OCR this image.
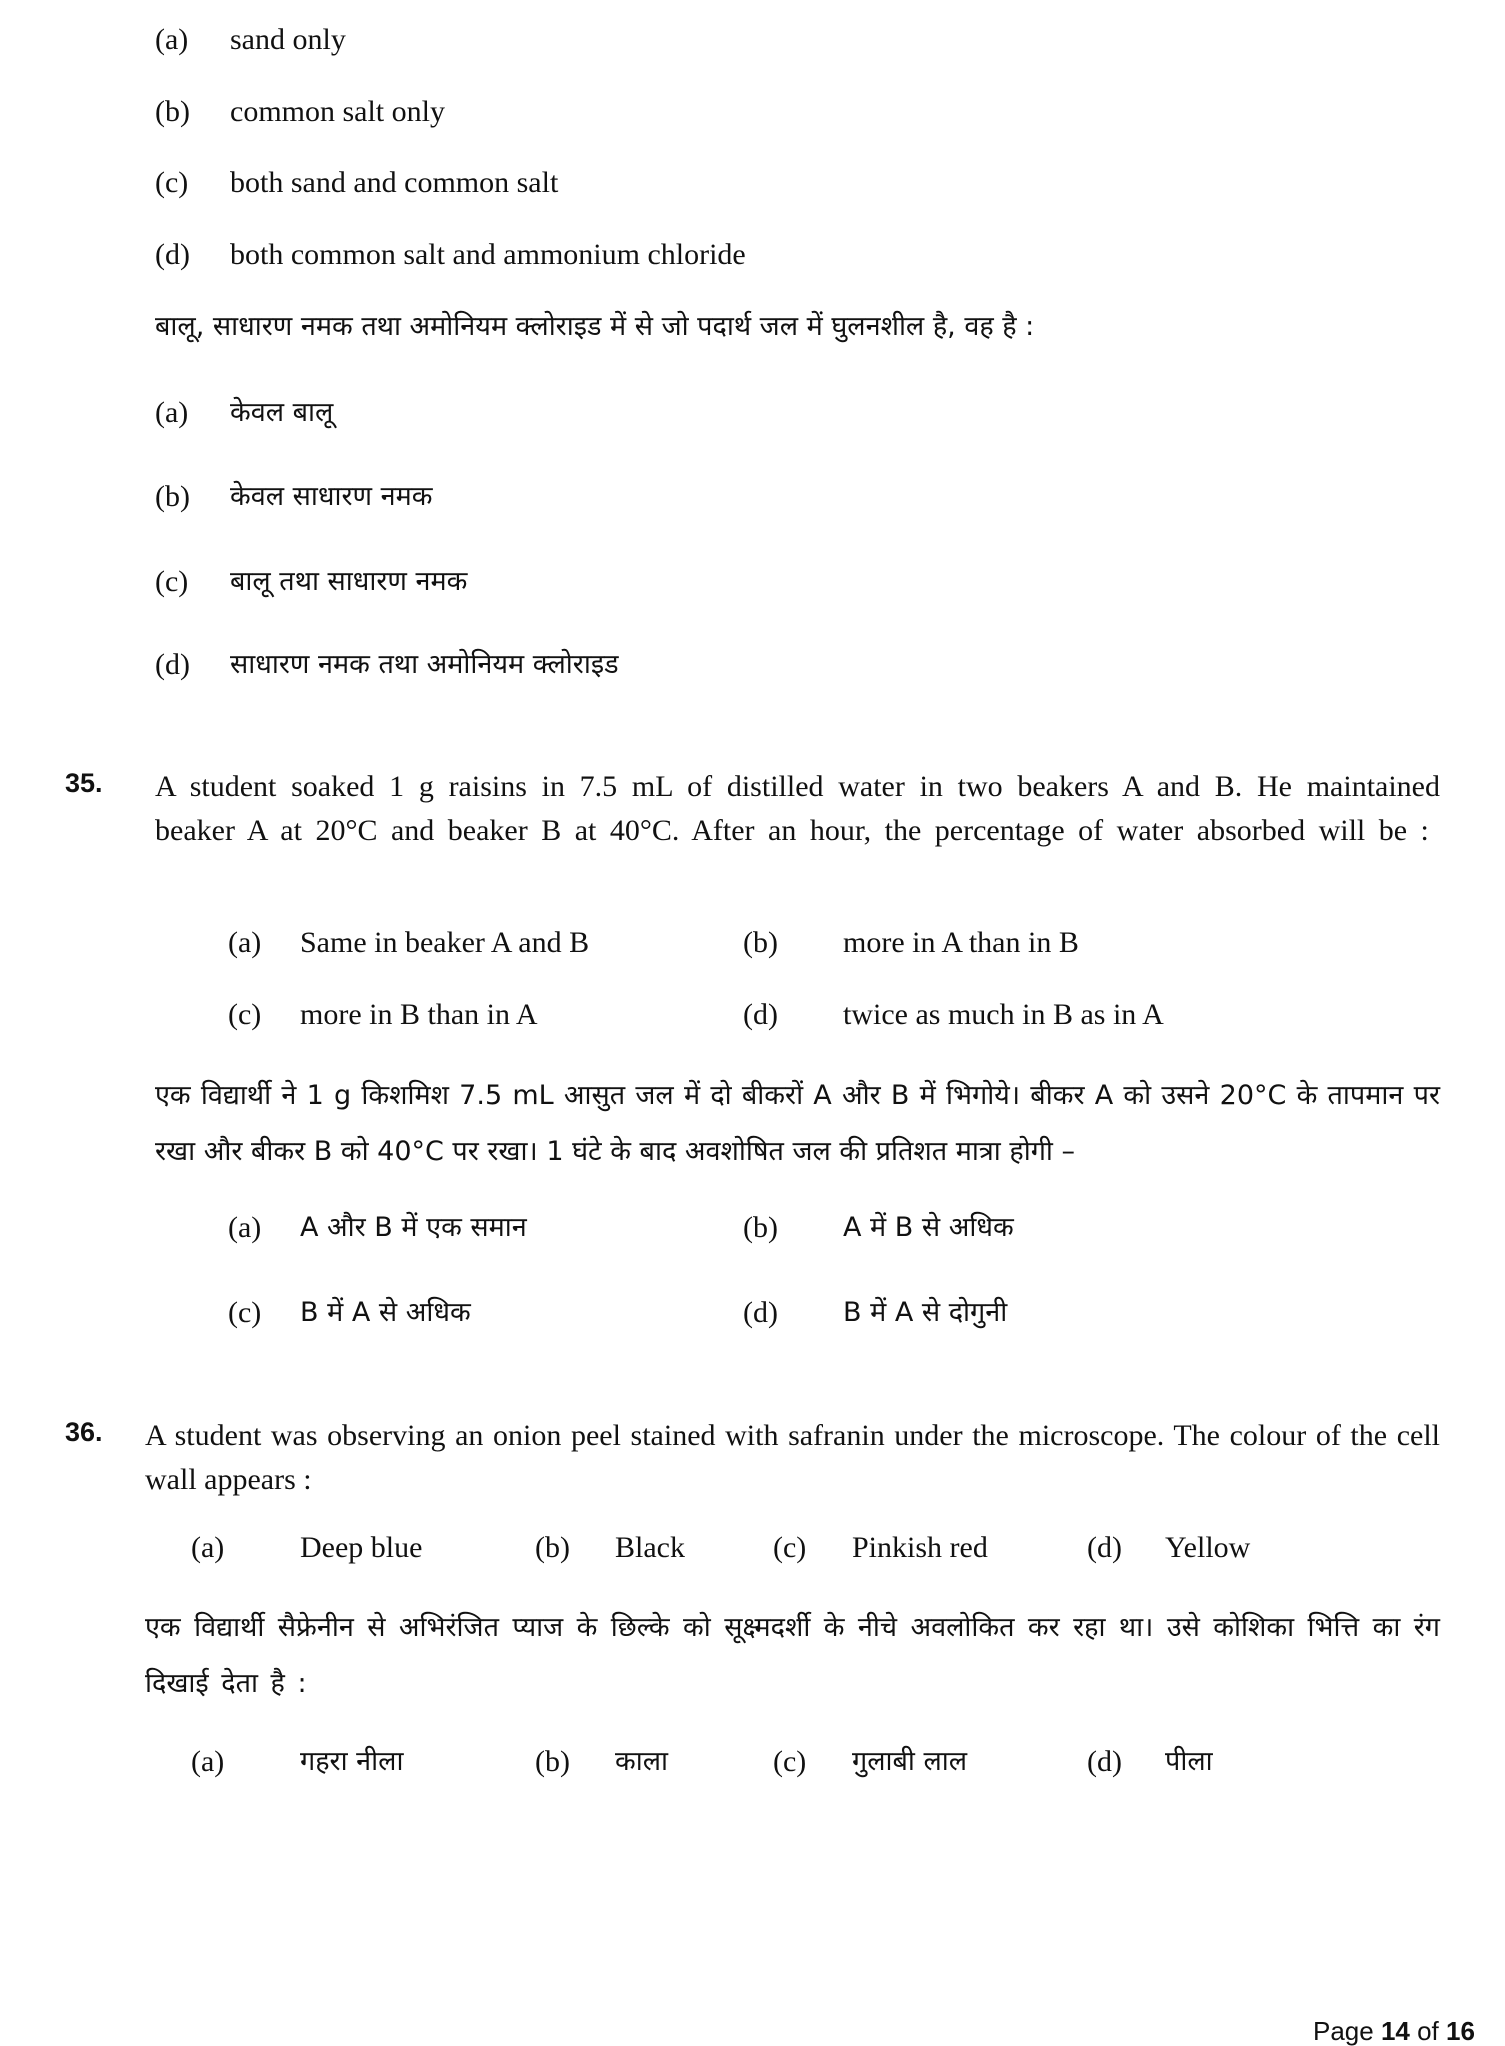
(a) sand only
(b) common salt only
(c) both sand and common salt
(d) both common salt and ammonium chloride
बालू, साधारण नमक तथा अमोनियम क्लोराइड में से जो पदार्थ जल में घुलनशील है, वह है :
(a) केवल बालू
(b) केवल साधारण नमक
(c) बालू तथा साधारण नमक
(d) साधारण नमक तथा अमोनियम क्लोराइड
35. A student soaked 1 g raisins in 7.5 mL of distilled water in two beakers A and B. He maintained beaker A at 20°C and beaker B at 40°C. After an hour, the percentage of water absorbed will be :
(a) Same in beaker A and B	(b) more in A than in B
(c) more in B than in A	(d) twice as much in B as in A
एक विद्यार्थी ने 1 g किशमिश 7.5 mL आसुत जल में दो बीकरों A और B में भिगोये। बीकर A को उसने 20°C के तापमान पर रखा और बीकर B को 40°C पर रखा। 1 घंटे के बाद अवशोषित जल की प्रतिशत मात्रा होगी –
(a) A और B में एक समान	(b) A में B से अधिक
(c) B में A से अधिक	(d) B में A से दोगुनी
36. A student was observing an onion peel stained with safranin under the microscope. The colour of the cell wall appears :
(a)	Deep blue	(b) Black	(c) Pinkish red	(d) Yellow
एक विद्यार्थी सैफ्रेनीन से अभिरंजित प्याज के छिल्के को सूक्ष्मदर्शी के नीचे अवलोकित कर रहा था। उसे कोशिका भित्ति का रंग दिखाई देता है :
(a)	गहरा नीला	(b) काला	(c) गुलाबी लाल	(d) पीला
Page 14 of 16
